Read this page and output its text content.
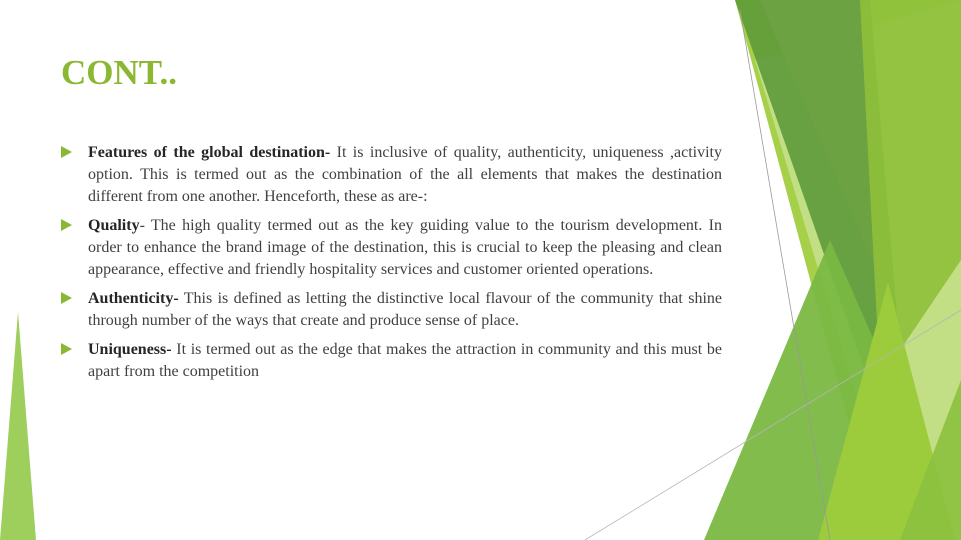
CONT..

Features of the global destination- It is inclusive of quality, authenticity, uniqueness ,activity option. This is termed out as the combination of the all elements that makes the destination different from one another. Henceforth, these as are-:

Quality- The high quality termed out as the key guiding value to the tourism development. In order to enhance the brand image of the destination, this is crucial to keep the pleasing and clean appearance, effective and friendly hospitality services and customer oriented operations.

Authenticity- This is defined as letting the distinctive local flavour of the community that shine through number of the ways that create and produce sense of place.

Uniqueness- It is termed out as the edge that makes the attraction in community and this must be apart from the competition
